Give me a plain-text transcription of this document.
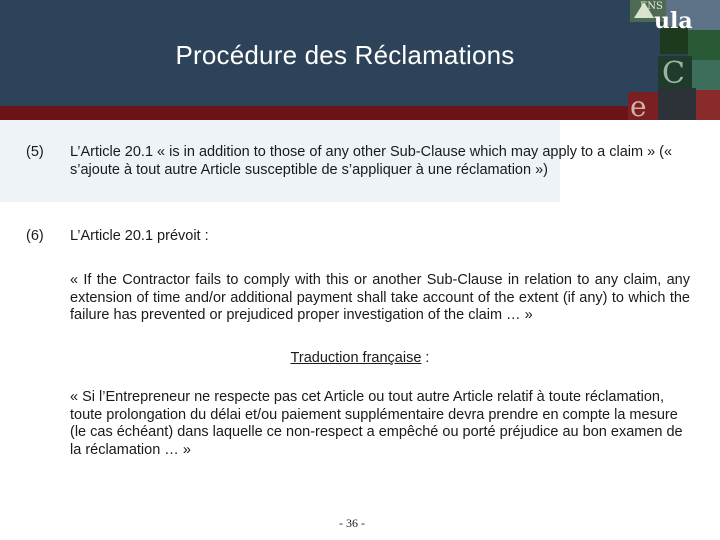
Procédure des Réclamations
ENS
ula
C
e
(5) L’Article 20.1 « is in addition to those of any other Sub-Clause which may apply to a claim » (« s’ajoute à tout autre Article susceptible de s’appliquer à une réclamation »)
(6) L’Article 20.1 prévoit :
« If the Contractor fails to comply with this or another Sub-Clause in relation to any claim, any extension of time and/or additional payment shall take account of the extent (if any) to which the failure has prevented or prejudiced proper investigation of the claim … »
Traduction française :
« Si l’Entrepreneur ne respecte pas cet Article ou tout autre Article relatif à toute réclamation, toute prolongation du délai et/ou paiement supplémentaire devra prendre en compte la mesure (le cas échéant) dans laquelle ce non-respect a empêché ou porté préjudice au bon examen de la réclamation … »
- 36 -
